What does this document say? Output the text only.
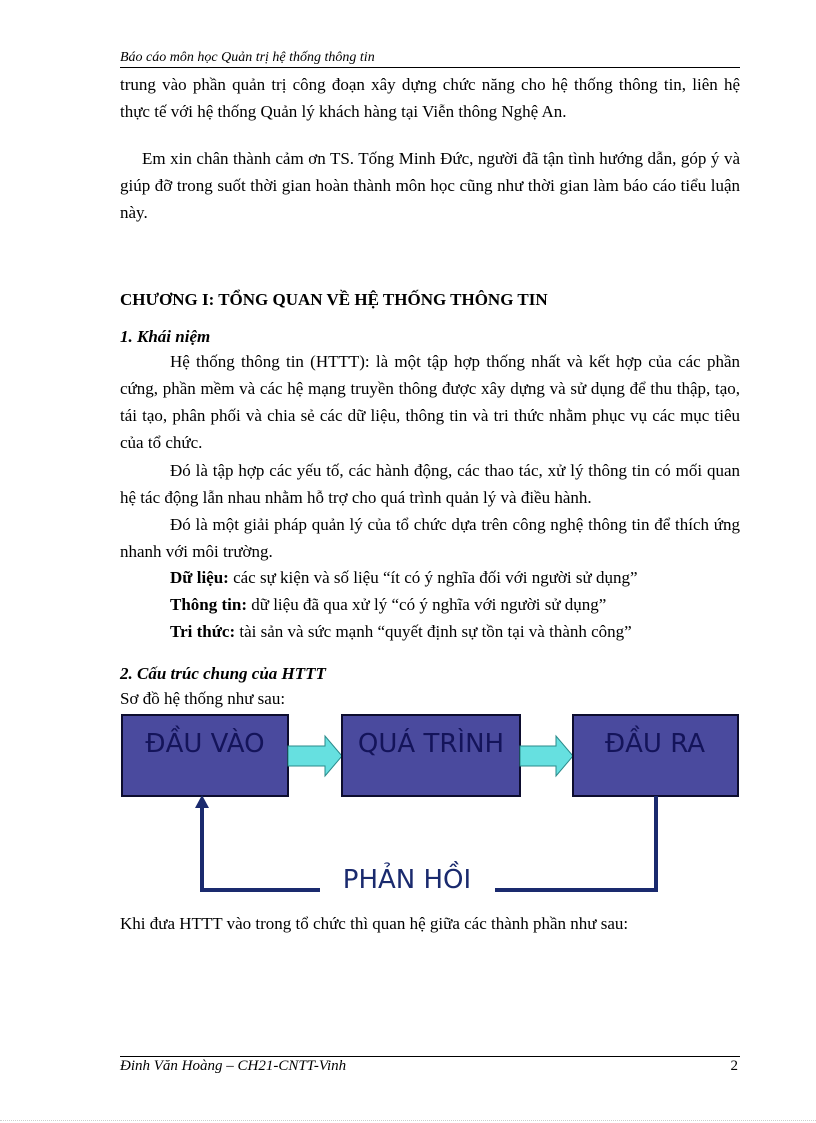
Báo cáo môn học Quản trị hệ thống thông tin

trung vào phần quản trị công đoạn xây dựng chức năng cho hệ thống thông tin, liên hệ thực tế với hệ thống Quản lý khách hàng tại Viễn thông Nghệ An.

Em xin chân thành cảm ơn TS. Tống Minh Đức, người đã tận tình hướng dẫn, góp ý và giúp đỡ trong suốt thời gian hoàn thành môn học cũng như thời gian làm báo cáo tiểu luận này.

CHƯƠNG I: TỔNG QUAN VỀ HỆ THỐNG THÔNG TIN
1. Khái niệm

Hệ thống thông tin (HTTT): là một tập hợp thống nhất và kết hợp của các phần cứng, phần mềm và các hệ mạng truyền thông được xây dựng và sử dụng để thu thập, tạo, tái tạo, phân phối và chia sẻ các dữ liệu, thông tin và tri thức nhằm phục vụ các mục tiêu của tổ chức.

Đó là tập hợp các yếu tố, các hành động, các thao tác, xử lý thông tin có mối quan hệ tác động lẫn nhau nhằm hỗ trợ cho quá trình quản lý và điều hành.

Đó là một giải pháp quản lý của tổ chức dựa trên công nghệ thông tin để thích ứng nhanh với môi trường.

Dữ liệu: các sự kiện và số liệu “ít có ý nghĩa đối với người sử dụng”
Thông tin: dữ liệu đã qua xử lý “có ý nghĩa với người sử dụng”
Tri thức: tài sản và sức mạnh “quyết định sự tồn tại và thành công”
2. Cấu trúc chung của HTTT
Sơ đồ hệ thống như sau:
ĐẦU VÀO	QUÁ TRÌNH	ĐẦU RA
PHẢN HỒI
Khi đưa HTTT vào trong tổ chức thì quan hệ giữa các thành phần như sau:
Đinh Văn Hoàng – CH21-CNTT-Vinh	2
